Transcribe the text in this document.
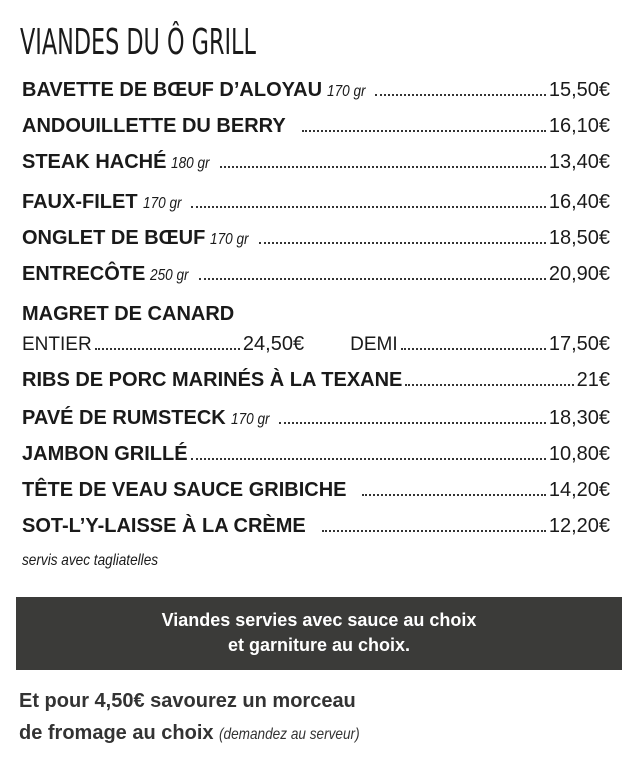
VIANDES DU Ô GRILL
BAVETTE DE BŒUF D’ALOYAU 170 gr	15,50€
ANDOUILLETTE DU BERRY	16,10€
STEAK HACHÉ 180 gr	13,40€
FAUX-FILET 170 gr	16,40€
ONGLET DE BŒUF 170 gr	18,50€
ENTRECÔTE 250 gr	20,90€
MAGRET DE CANARD
ENTIER	24,50€ DEMI	17,50€
RIBS DE PORC MARINÉS À LA TEXANE	21€
PAVÉ DE RUMSTECK 170 gr	18,30€
JAMBON GRILLÉ	10,80€
TÊTE DE VEAU SAUCE GRIBICHE	14,20€
SOT-L’Y-LAISSE À LA CRÈME	12,20€
servis avec tagliatelles
Viandes servies avec sauce au choix
et garniture au choix.
Et pour 4,50€ savourez un morceau
de fromage au choix (demandez au serveur)
